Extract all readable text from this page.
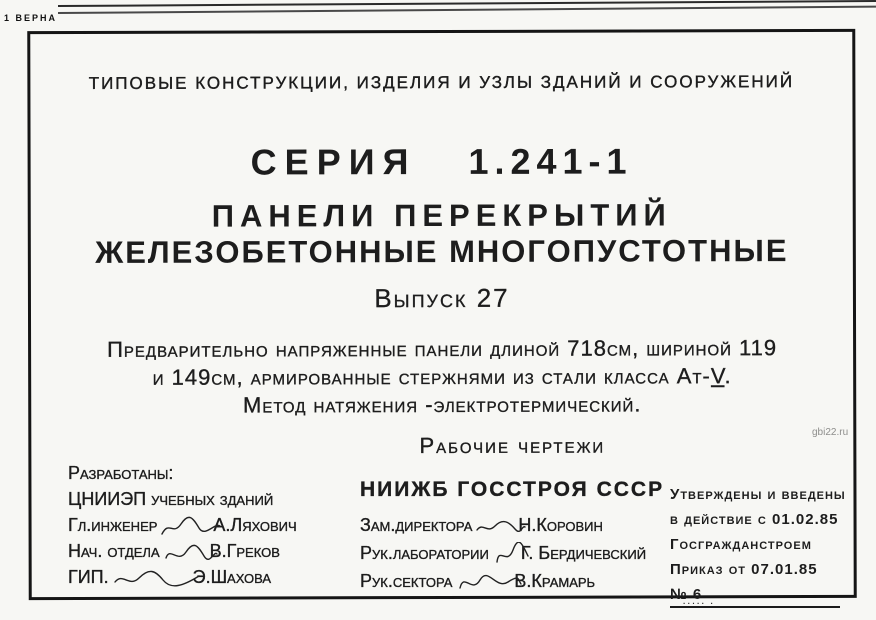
1 ВЕРНА
ТИПОВЫЕ КОНСТРУКЦИИ, ИЗДЕЛИЯ И УЗЛЫ ЗДАНИЙ И СООРУЖЕНИЙ
СЕРИЯ 1.241-1
ПАНЕЛИ ПЕРЕКРЫТИЙ
ЖЕЛЕЗОБЕТОННЫЕ МНОГОПУСТОТНЫЕ
Выпуск 27
Предварительно напряженные панели длиной 718см, шириной 119
и 149см, армированные стержнями из стали класса Ат-V.
Метод натяжения -электротермический.
Рабочие чертежи
Разработаны:
ЦНИИЭП учебных зданий
Гл.инженер	А.Ляхович
Нач. отдела	В.Греков
ГИП.	Э.Шахова
НИИЖБ ГОССТРОЯ СССР
Зам.директора	Н.Коровин
Рук.лаборатории Г. Бердичевский
Рук.сектора	В.Крамарь
Утверждены и введены
в действие с 01.02.85
Госгражданстроем
Приказ от 07.01.85
№ 6
gbi22.ru
····· ·
